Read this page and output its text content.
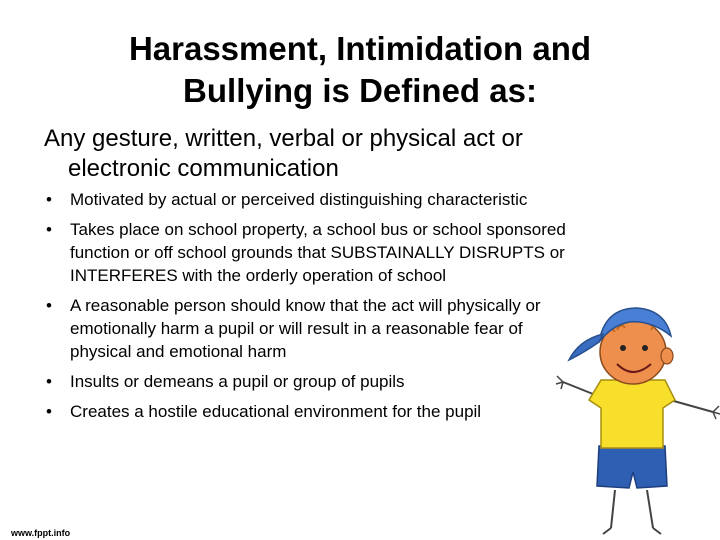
Harassment, Intimidation and
Bullying is Defined as:
Any gesture, written, verbal or physical act or electronic communication
• Motivated by actual or perceived distinguishing characteristic
• Takes place on school property, a school bus or school sponsored function or off school grounds that SUBSTAINALLY DISRUPTS or INTERFERES with the orderly operation of school
• A reasonable person should know that the act will physically or emotionally harm a pupil or will result in a reasonable fear of physical and emotional harm
• Insults or demeans a pupil or group of pupils
• Creates a hostile educational environment for the pupil
www.fppt.info
